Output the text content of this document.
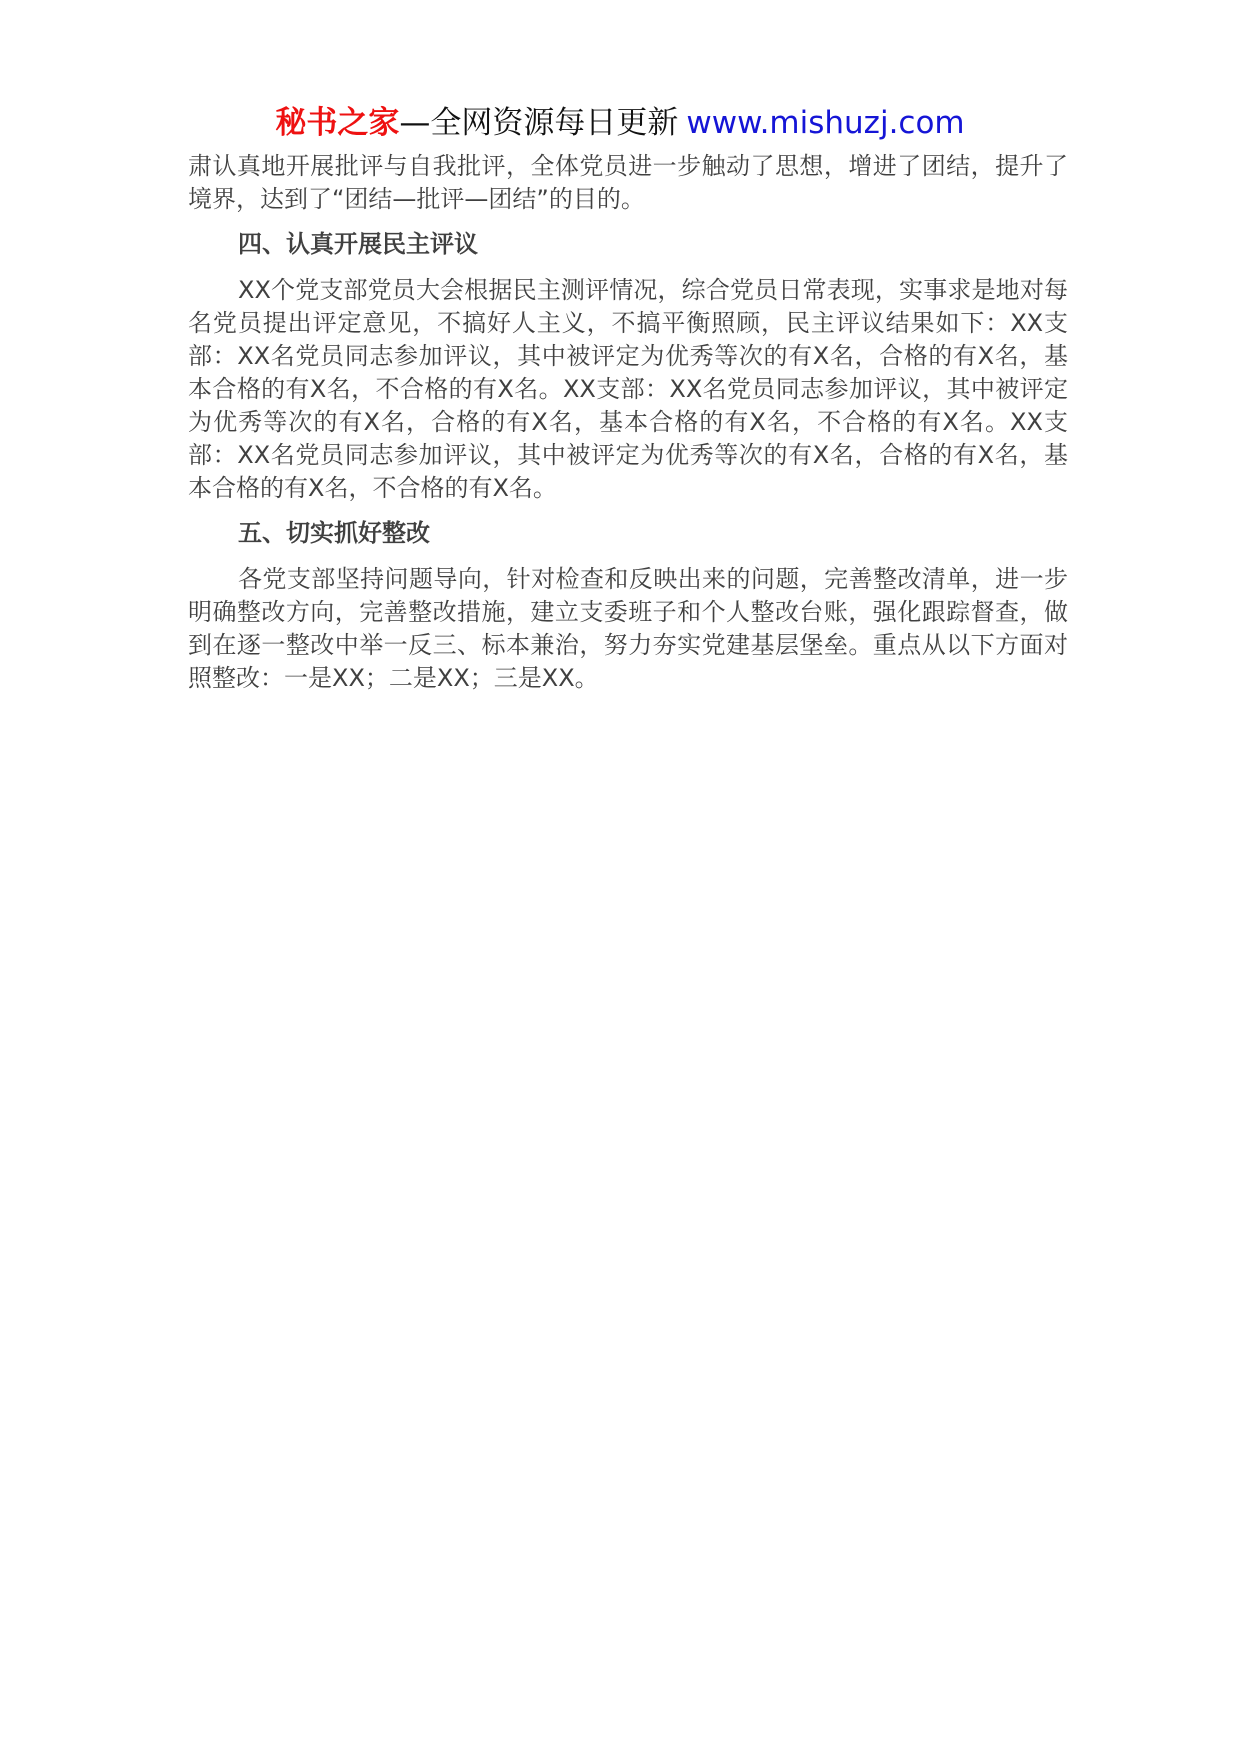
秘书之家—全网资源每日更新 www.mishuzj.com

肃认真地开展批评与自我批评，全体党员进一步触动了思想，增进了团结，提升了境界，达到了“团结—批评—团结”的目的。

四、认真开展民主评议

XX个党支部党员大会根据民主测评情况，综合党员日常表现，实事求是地对每名党员提出评定意见，不搞好人主义，不搞平衡照顾，民主评议结果如下：XX支部：XX名党员同志参加评议，其中被评定为优秀等次的有X名，合格的有X名，基本合格的有X名，不合格的有X名。XX支部：XX名党员同志参加评议，其中被评定为优秀等次的有X名，合格的有X名，基本合格的有X名，不合格的有X名。XX支部：XX名党员同志参加评议，其中被评定为优秀等次的有X名，合格的有X名，基本合格的有X名，不合格的有X名。

五、切实抓好整改

各党支部坚持问题导向，针对检查和反映出来的问题，完善整改清单，进一步明确整改方向，完善整改措施，建立支委班子和个人整改台账，强化跟踪督查，做到在逐一整改中举一反三、标本兼治，努力夯实党建基层堡垒。重点从以下方面对照整改：一是XX；二是XX；三是XX。
